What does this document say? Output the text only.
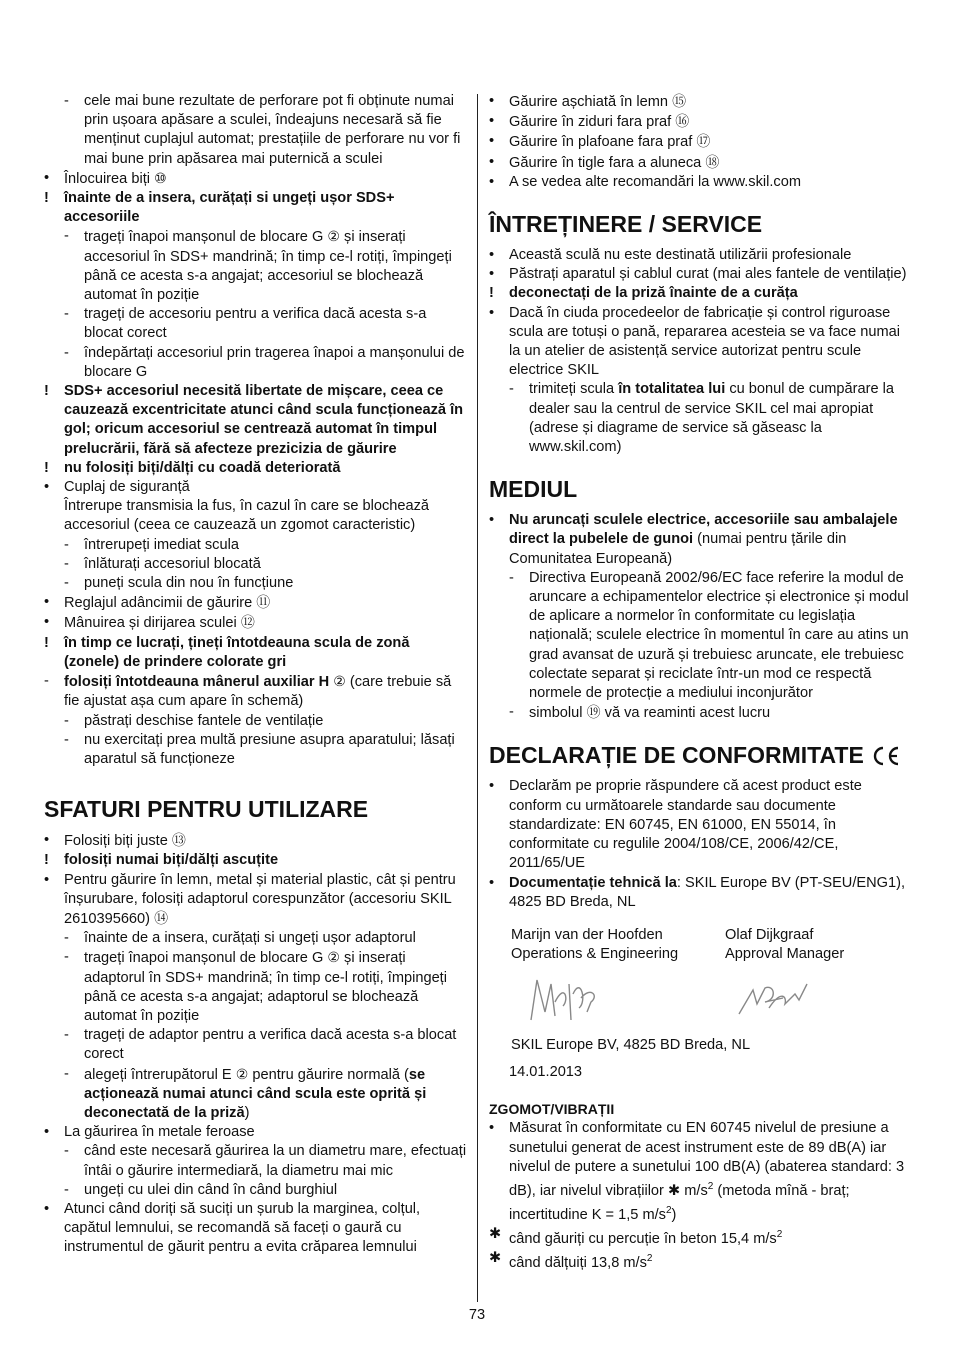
-	cele mai bune rezultate de perforare pot fi obținute numai prin ușoara apăsare a sculei, îndeajuns necesară să fie menținut cuplajul automat; prestațiile de perforare nu vor fi mai bune prin apăsarea mai puternică a sculei

•	Înlocuirea biți ⑩

!	înainte de a insera, curățați si ungeți ușor SDS+ accesoriile

-	trageți înapoi manșonul de blocare G ② și inserați accesoriul în SDS+ mandrină; în timp ce-l rotiți, împingeți până ce acesta s-a angajat; accesoriul se blochează automat în poziție

-	trageți de accesoriu pentru a verifica dacă acesta s-a blocat corect

-	îndepărtați accesoriul prin tragerea înapoi a manșonului de blocare G

!	SDS+ accesoriul necesită libertate de mișcare, ceea ce cauzează excentricitate atunci când scula funcționează în gol; oricum accesoriul se centrează automat în timpul prelucrării, fără să afecteze prezicizia de găurire

!	nu folosiți biți/dălți cu coadă deteriorată

•	Cuplaj de siguranță
Întrerupe transmisia la fus, în cazul în care se blochează accesoriul (ceea ce cauzează un zgomot caracteristic)

-	întrerupeți imediat scula

-	înlăturați accesoriul blocată

-	puneți scula din nou în funcțiune

•	Reglajul adâncimii de găurire ⑪

•	Mânuirea și dirijarea sculei ⑫

!	în timp ce lucrați, țineți întotdeauna scula de zonă (zonele) de prindere colorate gri

-	folosiți întotdeauna mânerul auxiliar H ② (care trebuie să fie ajustat așa cum apare în schemă)

-	păstrați deschise fantele de ventilație

-	nu exercitați prea multă presiune asupra aparatului; lăsați aparatul să funcționeze

SFATURI PENTRU UTILIZARE

•	Folosiți biți juste ⑬

!	folosiți numai biți/dălți ascuțite

•	Pentru găurire în lemn, metal și material plastic, cât și pentru înșurubare, folosiți adaptorul corespunzător (accesoriu SKIL 2610395660) ⑭

-	înainte de a insera, curățați si ungeți ușor adaptorul

-	trageți înapoi manșonul de blocare G ② și inserați adaptorul în SDS+ mandrină; în timp ce-l rotiți, împingeți până ce acesta s-a angajat; adaptorul se blochează automat în poziție

-	trageți de adaptor pentru a verifica dacă acesta s-a blocat corect

-	alegeți întrerupătorul E ② pentru găurire normală (se acționează numai atunci când scula este oprită și deconectată de la priză)

•	La găurirea în metale feroase

-	când este necesară găurirea la un diametru mare, efectuați întâi o găurire intermediară, la diametru mai mic

-	ungeți cu ulei din când în când burghiul

•	Atunci când doriți să suciți un șurub la marginea, colțul, capătul lemnului, se recomandă să faceți o gaură cu instrumentul de găurit pentru a evita crăparea lemnului

•	Găurire așchiată în lemn ⑮

•	Găurire în ziduri fara praf ⑯

•	Găurire în plafoane fara praf ⑰

•	Găurire în tigle fara a aluneca ⑱

•	A se vedea alte recomandări la www.skil.com

ÎNTREȚINERE / SERVICE

•	Această sculă nu este destinată utilizării profesionale

•	Păstrați aparatul și cablul curat (mai ales fantele de ventilație)

!	deconectați de la priză înainte de a curăța

•	Dacă în ciuda procedeelor de fabricație și control riguroase scula are totuși o pană, repararea acesteia se va face numai la un atelier de asistență service autorizat pentru scule electrice SKIL

-	trimiteți scula în totalitatea lui cu bonul de cumpărare la dealer sau la centrul de service SKIL cel mai apropiat (adrese și diagrame de service să găseasc la www.skil.com)

MEDIUL

•	Nu aruncați sculele electrice, accesoriile sau ambalajele direct la pubelele de gunoi (numai pentru țările din Comunitatea Europeană)

-	Directiva Europeană 2002/96/EC face referire la modul de aruncare a echipamentelor electrice și electronice și modul de aplicare a normelor în conformitate cu legislația națională; sculele electrice în momentul în care au atins un grad avansat de uzură și trebuiesc aruncate, ele trebuiesc colectate separat și reciclate într-un mod ce respectă normele de protecție a mediului inconjurător

-	simbolul ⑲ vă va reaminti acest lucru

DECLARAȚIE DE CONFORMITATE

•	Declarăm pe proprie răspundere că acest product este conform cu următoarele standarde sau documente standardizate: EN 60745, EN 61000, EN 55014, în conformitate cu regulile 2004/108/CE, 2006/42/CE, 2011/65/UE

•	Documentație tehnică la: SKIL Europe BV (PT-SEU/ENG1), 4825 BD Breda, NL

Marijn van der Hoofden
Operations & Engineering
Olaf Dijkgraaf
Approval Manager

SKIL Europe BV, 4825 BD Breda, NL

14.01.2013

ZGOMOT/VIBRAȚII

•	Măsurat în conformitate cu EN 60745 nivelul de presiune a sunetului generat de acest instrument este de 89 dB(A) iar nivelul de putere a sunetului 100 dB(A) (abaterea standard: 3 dB), iar nivelul vibrațiilor ✱ $m/s^2$ (metoda mînă - braț; incertitudine K = 1,5 $m/s^2$)

✱ când găuriți cu percuție în beton 15,4 $m/s^2$

✱ când dălțuiți 13,8 $m/s^2$

73
